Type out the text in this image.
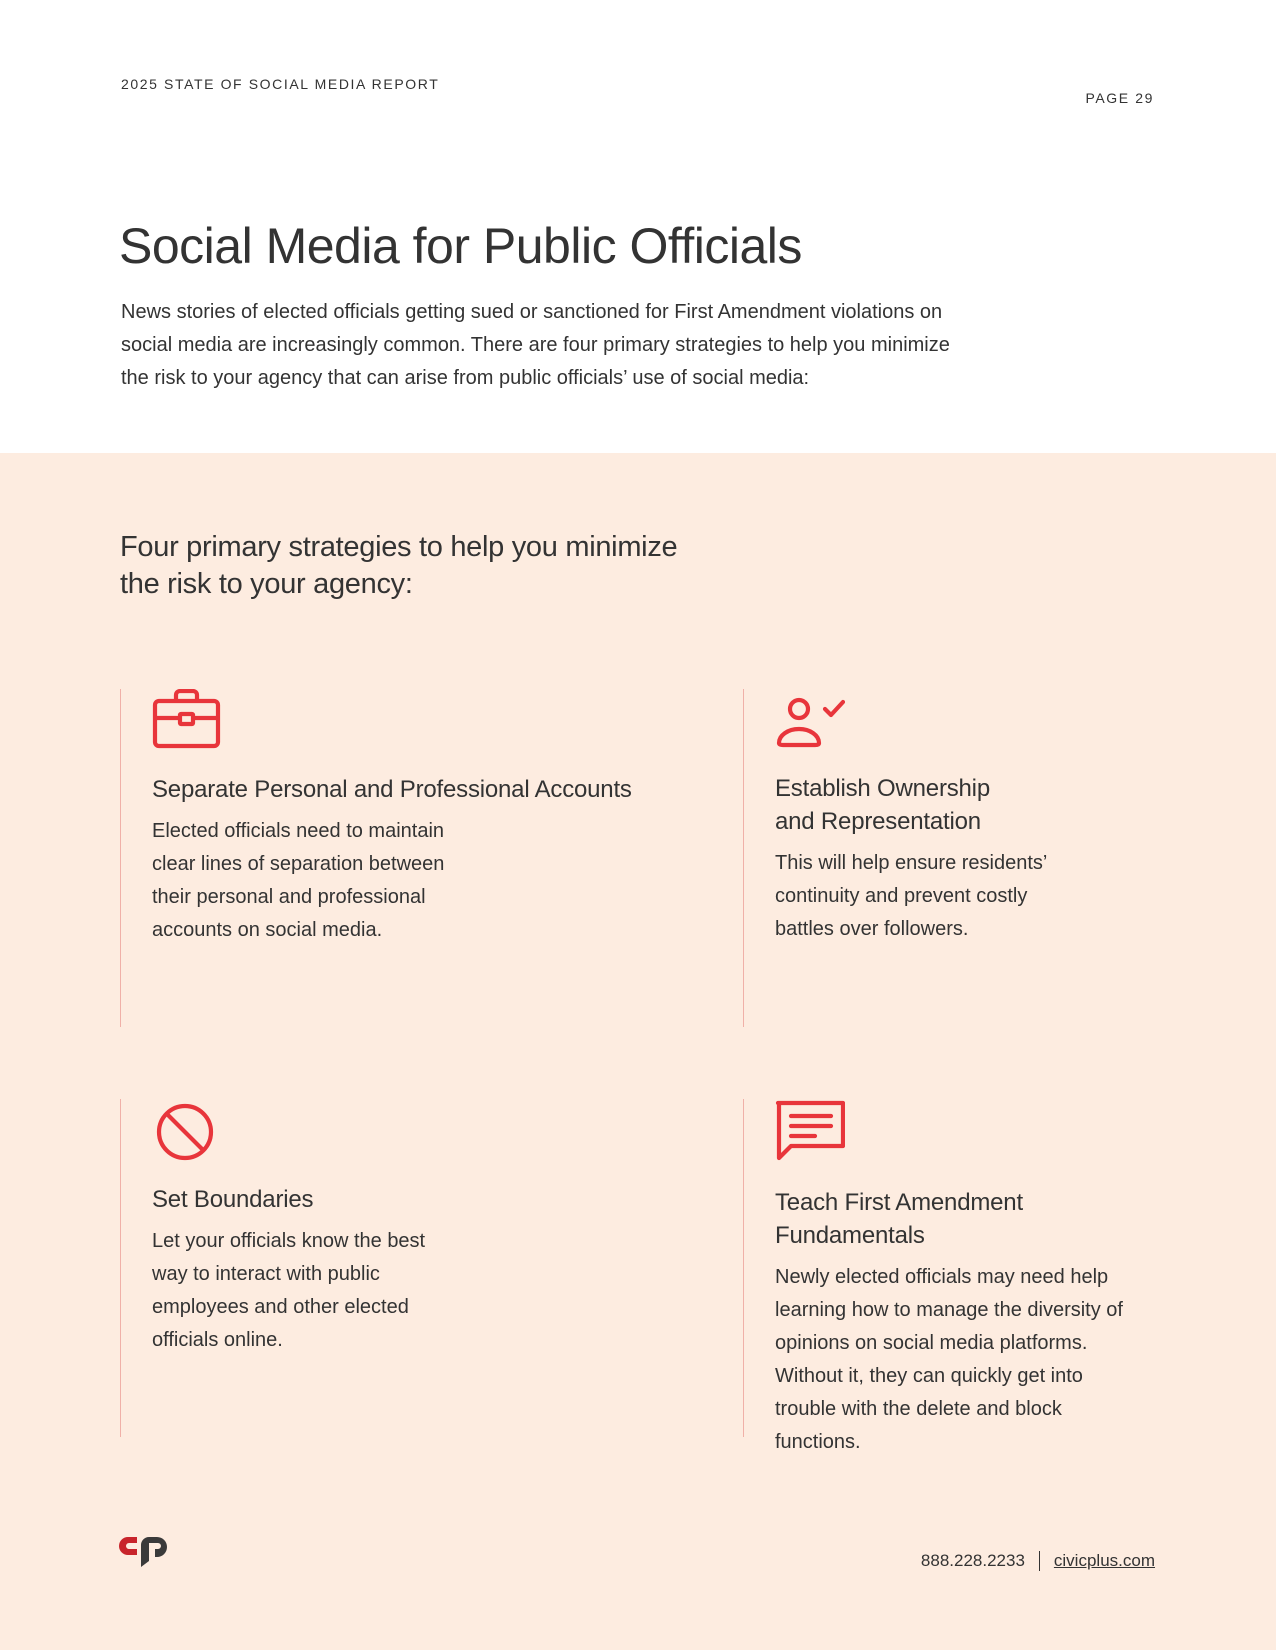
2025 STATE OF SOCIAL MEDIA REPORT
PAGE 29
Social Media for Public Officials

News stories of elected officials getting sued or sanctioned for First Amendment violations on social media are increasingly common. There are four primary strategies to help you minimize the risk to your agency that can arise from public officials’ use of social media:

Four primary strategies to help you minimize the risk to your agency:
Separate Personal and Professional Accounts

Elected officials need to maintain clear lines of separation between their personal and professional accounts on social media.

Establish Ownership and Representation

This will help ensure residents’ continuity and prevent costly battles over followers.

Set Boundaries

Let your officials know the best way to interact with public employees and other elected officials online.

Teach First Amendment Fundamentals

Newly elected officials may need help learning how to manage the diversity of opinions on social media platforms. Without it, they can quickly get into trouble with the delete and block functions.

888.228.2233 civicplus.com
